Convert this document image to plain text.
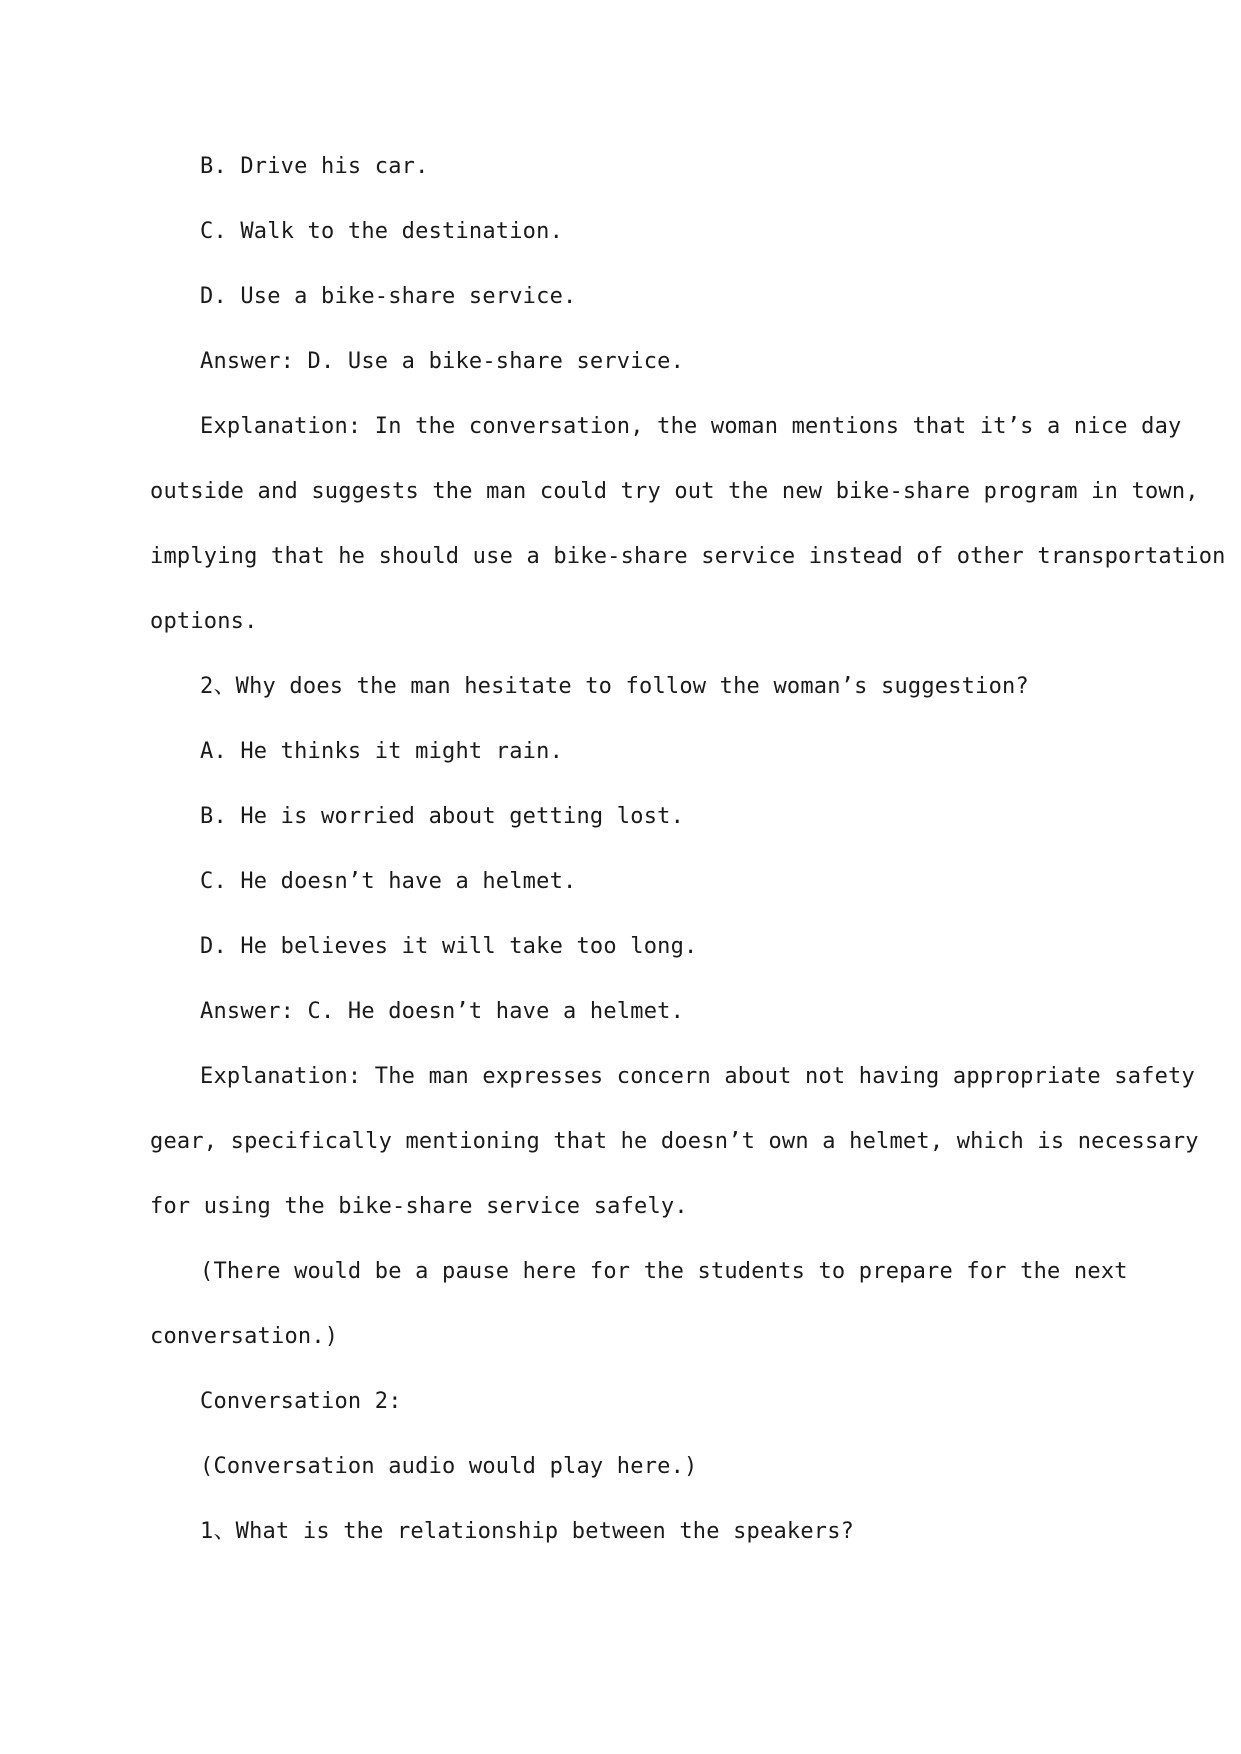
B. Drive his car.
C. Walk to the destination.
D. Use a bike-share service.
Answer: D. Use a bike-share service.
Explanation: In the conversation, the woman mentions that it’s a nice day
outside and suggests the man could try out the new bike-share program in town,
implying that he should use a bike-share service instead of other transportation
options.
2、Why does the man hesitate to follow the woman’s suggestion?
A. He thinks it might rain.
B. He is worried about getting lost.
C. He doesn’t have a helmet.
D. He believes it will take too long.
Answer: C. He doesn’t have a helmet.
Explanation: The man expresses concern about not having appropriate safety
gear, specifically mentioning that he doesn’t own a helmet, which is necessary
for using the bike-share service safely.
(There would be a pause here for the students to prepare for the next
conversation.)
Conversation 2:
(Conversation audio would play here.)
1、What is the relationship between the speakers?
